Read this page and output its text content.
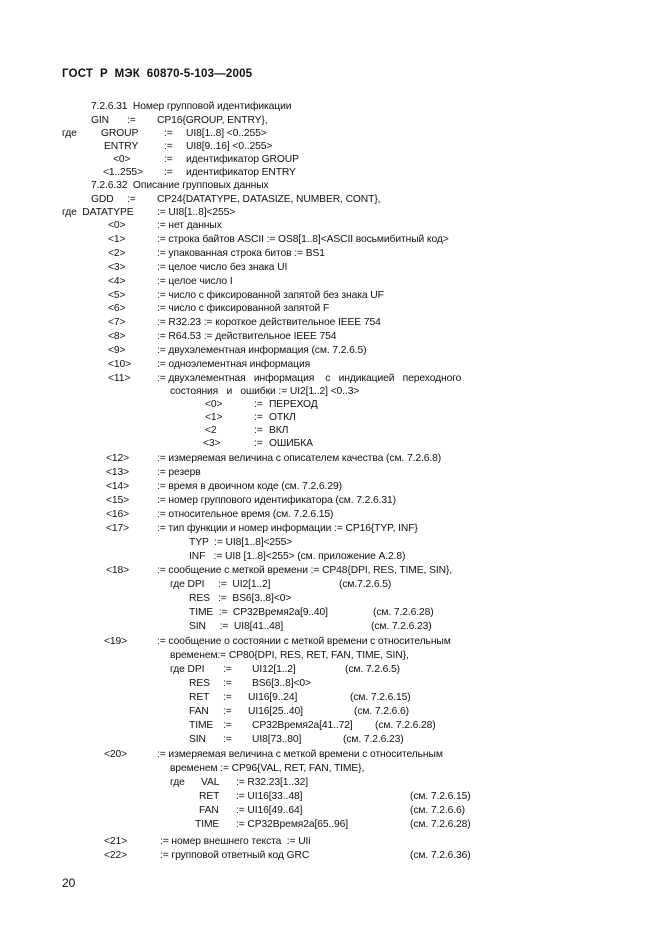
ГОСТ  Р  МЭК  60870-5-103—2005
7.2.6.31  Номер групповой идентификации
GIN := CP16{GROUP, ENTRY},
где GROUP := UI8[1..8] <0..255>
ENTRY	:= UI8[9..16] <0..255>
<0>	:= идентификатор GROUP
<1..255> := идентификатор ENTRY
7.2.6.32  Описание групповых данных
GDD := CP24{DATATYPE, DATASIZE, NUMBER, CONT},
где  DATATYPE := UI8[1..8]<255>
<0>	:= нет данных
<1>	:= строка байтов ASCII := OS8[1..8]<ASCII восьмибитный код>
<2>	:= упакованная строка битов := BS1
<3>	:= целое число без знака UI
<4>	:= целое число I
<5>	:= число с фиксированной запятой без знака UF
<6>	:= число с фиксированной запятой F
<7>	:= R32.23 := короткое действительное IEEE 754
<8>	:= R64.53 := действительное IEEE 754
<9>	:= двухэлементная информация (см. 7.2.6.5)
<10>	:= одноэлементная информация
<11>	:= двухэлементная   информация    с   индикацией   переходного
состояния   и   ошибки := UI2[1..2] <0..3>
<0>	:= ПЕРЕХОД
<1>	:= ОТКЛ
<2	:= ВКЛ
<3>	:= ОШИБКА
<12>	:= измеряемая величина с описателем качества (см. 7.2.6.8)
<13>	:= резерв
<14>	:= время в двоичном коде (см. 7.2.6.29)
<15>	:= номер группового идентификатора (см. 7.2.6.31)
<16>	:= относительное время (см. 7.2.6.15)
<17>	:= тип функции и номер информации := CP16{TYP, INF}
TYP  := UI8[1..8]<255>
INF   := UI8 [1..8]<255> (см. приложение А.2.8)
<18>	:= сообщение с меткой времени := CP48{DPI, RES, TIME, SIN},
где DPI     :=  UI2[1..2]	(см.7.2.6.5)
RES   :=  BS6[3..8]<0>
TIME  :=  CP32Время2а[9..40]	(см. 7.2.6.28)
SIN     :=  UI8[41..48]	(см. 7.2.6.23)
<19>	:= сообщение о состоянии с меткой времени с относительным
временем:= CP80{DPI, RES, RET, FAN, TIME, SIN},
где DPI := UI12[1..2]	(см. 7.2.6.5)
RES := BS6[3..8]<0>
RET := UI16[9..24]	(см. 7.2.6.15)
FAN := UI16[25..40]	(см. 7.2.6.6)
TIME := CP32Время2а[41..72] (см. 7.2.6.28)
SIN := UI8[73..80]	(см. 7.2.6.23)
<20>	:= измеряемая величина с меткой времени с относительным
временем := CP96{VAL, RET, FAN, TIME},
где VAL := R32.23[1..32]
RET := UI16[33..48]	(см. 7.2.6.15)
FAN := UI16[49..64]	(см. 7.2.6.6)
TIME := CP32Время2а[65..96]	(см. 7.2.6.28)
<21>	:= номер внешнего текста  := UIi
<22>	:= групповой ответный код GRC	(см. 7.2.6.36)
20
